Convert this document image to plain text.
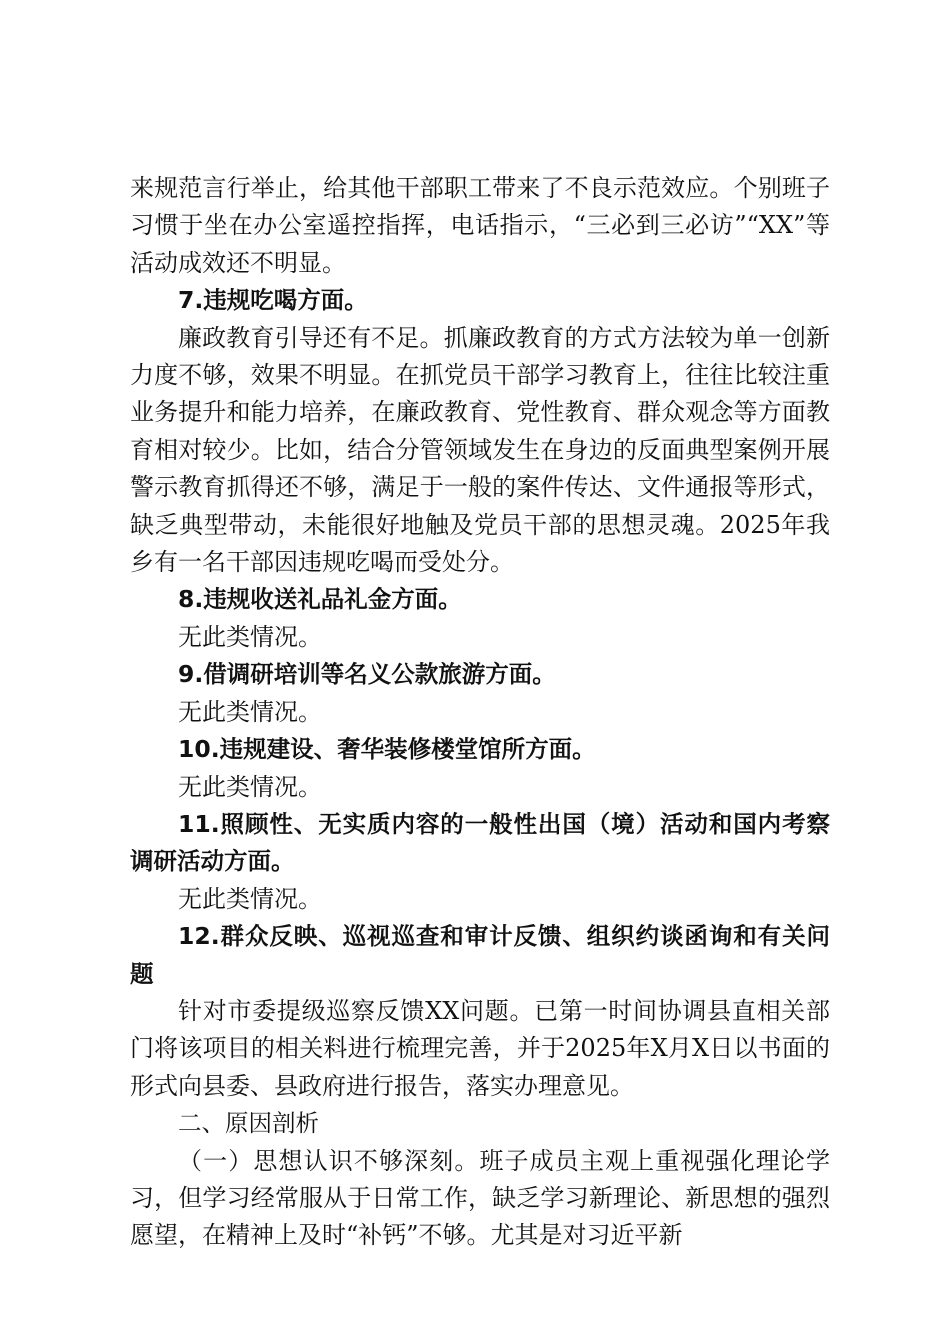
来规范言行举止，给其他干部职工带来了不良示范效应。个别班子习惯于坐在办公室遥控指挥，电话指示，“三必到三必访”“XX”等活动成效还不明显。

7.违规吃喝方面。

廉政教育引导还有不足。抓廉政教育的方式方法较为单一创新力度不够，效果不明显。在抓党员干部学习教育上，往往比较注重业务提升和能力培养，在廉政教育、党性教育、群众观念等方面教育相对较少。比如，结合分管领域发生在身边的反面典型案例开展警示教育抓得还不够，满足于一般的案件传达、文件通报等形式，缺乏典型带动，未能很好地触及党员干部的思想灵魂。2025年我乡有一名干部因违规吃喝而受处分。

8.违规收送礼品礼金方面。

无此类情况。

9.借调研培训等名义公款旅游方面。

无此类情况。

10.违规建设、奢华装修楼堂馆所方面。

无此类情况。

11.照顾性、无实质内容的一般性出国（境）活动和国内考察调研活动方面。

无此类情况。

12.群众反映、巡视巡查和审计反馈、组织约谈函询和有关问题

针对市委提级巡察反馈XX问题。已第一时间协调县直相关部门将该项目的相关料进行梳理完善，并于2025年X月X日以书面的形式向县委、县政府进行报告，落实办理意见。

二、原因剖析

（一）思想认识不够深刻。班子成员主观上重视强化理论学习，但学习经常服从于日常工作，缺乏学习新理论、新思想的强烈愿望，在精神上及时“补钙”不够。尤其是对习近平新
